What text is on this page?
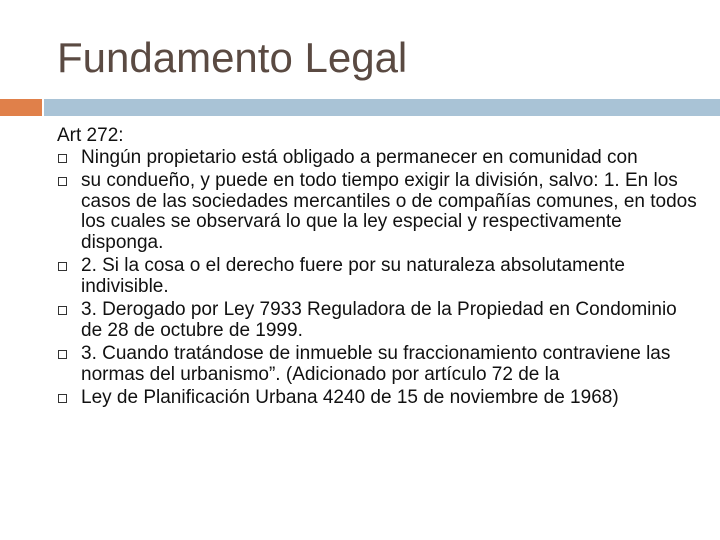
Fundamento Legal
Art 272:
Ningún propietario está obligado a permanecer en comunidad con
su condueño, y puede en todo tiempo exigir la división, salvo: 1. En los casos de las sociedades mercantiles o de compañías comunes, en todos los cuales se observará lo que la ley especial y respectivamente disponga.
2. Si la cosa o el derecho fuere por su naturaleza absolutamente indivisible.
3. Derogado por Ley 7933 Reguladora de la Propiedad en Condominio de 28 de octubre de 1999.
3. Cuando tratándose de inmueble su fraccionamiento contraviene las normas del urbanismo”. (Adicionado por artículo 72 de la
Ley de Planificación Urbana 4240 de 15 de noviembre de 1968)
